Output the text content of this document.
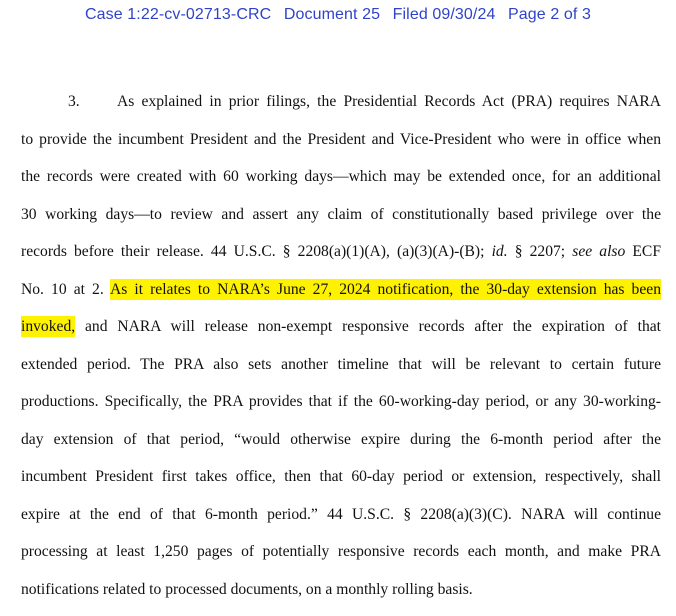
Case 1:22-cv-02713-CRC Document 25 Filed 09/30/24 Page 2 of 3
3. As explained in prior filings, the Presidential Records Act (PRA) requires NARA
to provide the incumbent President and the President and Vice-President who were in office when
the records were created with 60 working days—which may be extended once, for an additional
30 working days—to review and assert any claim of constitutionally based privilege over the
records before their release. 44 U.S.C. § 2208(a)(1)(A), (a)(3)(A)-(B); id. § 2207; see also ECF
No. 10 at 2. As it relates to NARA’s June 27, 2024 notification, the 30-day extension has been
invoked, and NARA will release non-exempt responsive records after the expiration of that
extended period. The PRA also sets another timeline that will be relevant to certain future
productions. Specifically, the PRA provides that if the 60-working-day period, or any 30-working-
day extension of that period, “would otherwise expire during the 6-month period after the
incumbent President first takes office, then that 60-day period or extension, respectively, shall
expire at the end of that 6-month period.” 44 U.S.C. § 2208(a)(3)(C). NARA will continue
processing at least 1,250 pages of potentially responsive records each month, and make PRA
notifications related to processed documents, on a monthly rolling basis.
